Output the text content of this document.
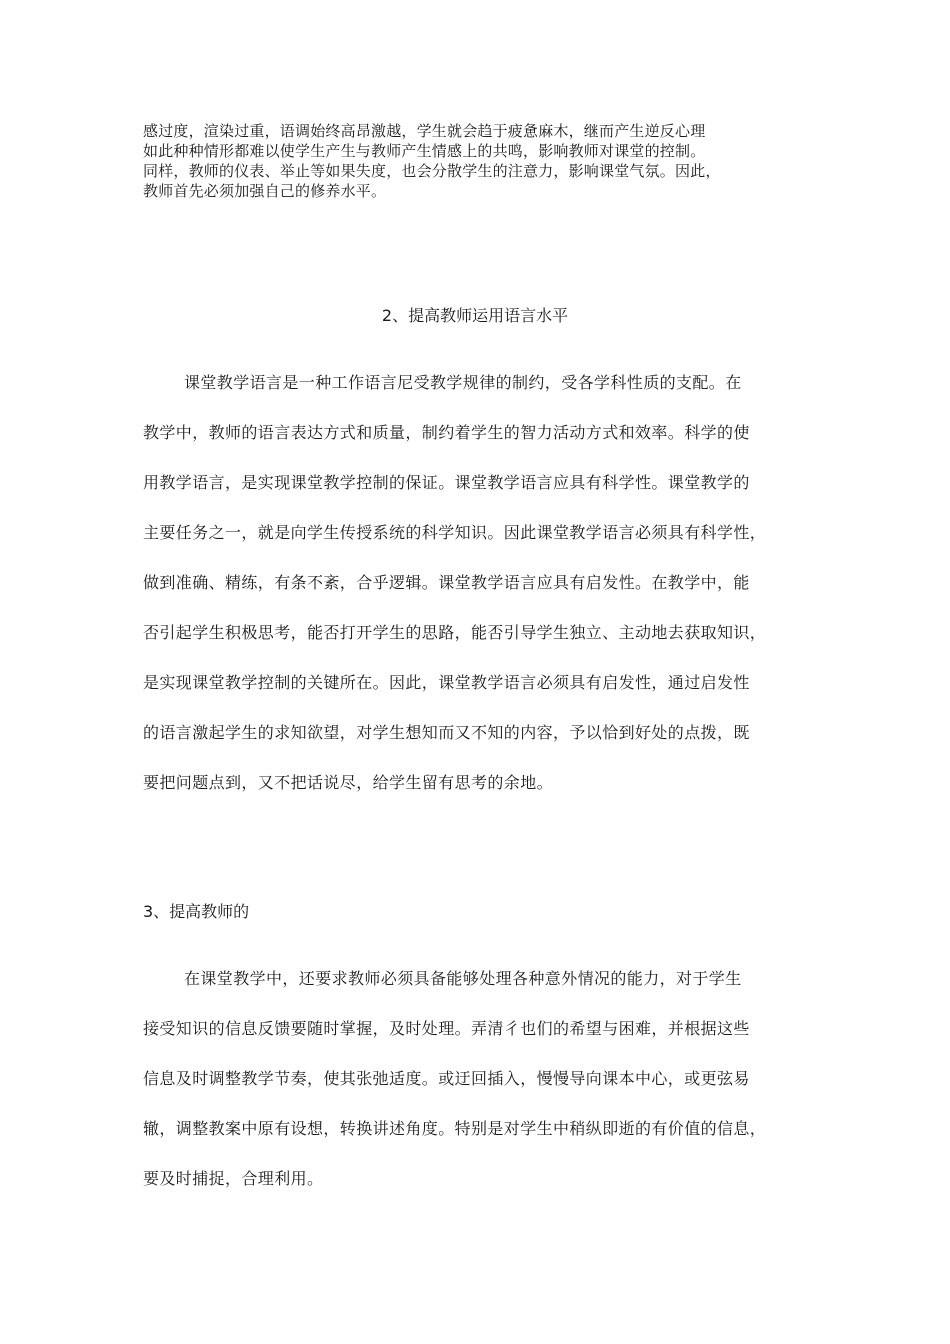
感过度，渲染过重，语调始终高昂激越，学生就会趋于疲惫麻木，继而产生逆反心理
如此种种情形都难以使学生产生与教师产生情感上的共鸣，影响教师对课堂的控制。
同样，教师的仪表、举止等如果失度，也会分散学生的注意力，影响课堂气氛。因此，
教师首先必须加强自己的修养水平。
2、提高教师运用语言水平
课堂教学语言是一种工作语言尼受教学规律的制约，受各学科性质的支配。在
教学中，教师的语言表达方式和质量，制约着学生的智力活动方式和效率。科学的使
用教学语言，是实现课堂教学控制的保证。课堂教学语言应具有科学性。课堂教学的
主要任务之一，就是向学生传授系统的科学知识。因此课堂教学语言必须具有科学性，
做到准确、精练，有条不紊，合乎逻辑。课堂教学语言应具有启发性。在教学中，能
否引起学生积极思考，能否打开学生的思路，能否引导学生独立、主动地去获取知识，
是实现课堂教学控制的关键所在。因此，课堂教学语言必须具有启发性，通过启发性
的语言激起学生的求知欲望，对学生想知而又不知的内容，予以恰到好处的点拨，既
要把问题点到，又不把话说尽，给学生留有思考的余地。
3、提高教师的
在课堂教学中，还要求教师必须具备能够处理各种意外情况的能力，对于学生
接受知识的信息反馈要随时掌握，及时处理。弄清彳也们的希望与困难，并根据这些
信息及时调整教学节奏，使其张弛适度。或迂回插入，慢慢导向课本中心，或更弦易
辙，调整教案中原有设想，转换讲述角度。特别是对学生中稍纵即逝的有价值的信息，
要及时捕捉，合理利用。
